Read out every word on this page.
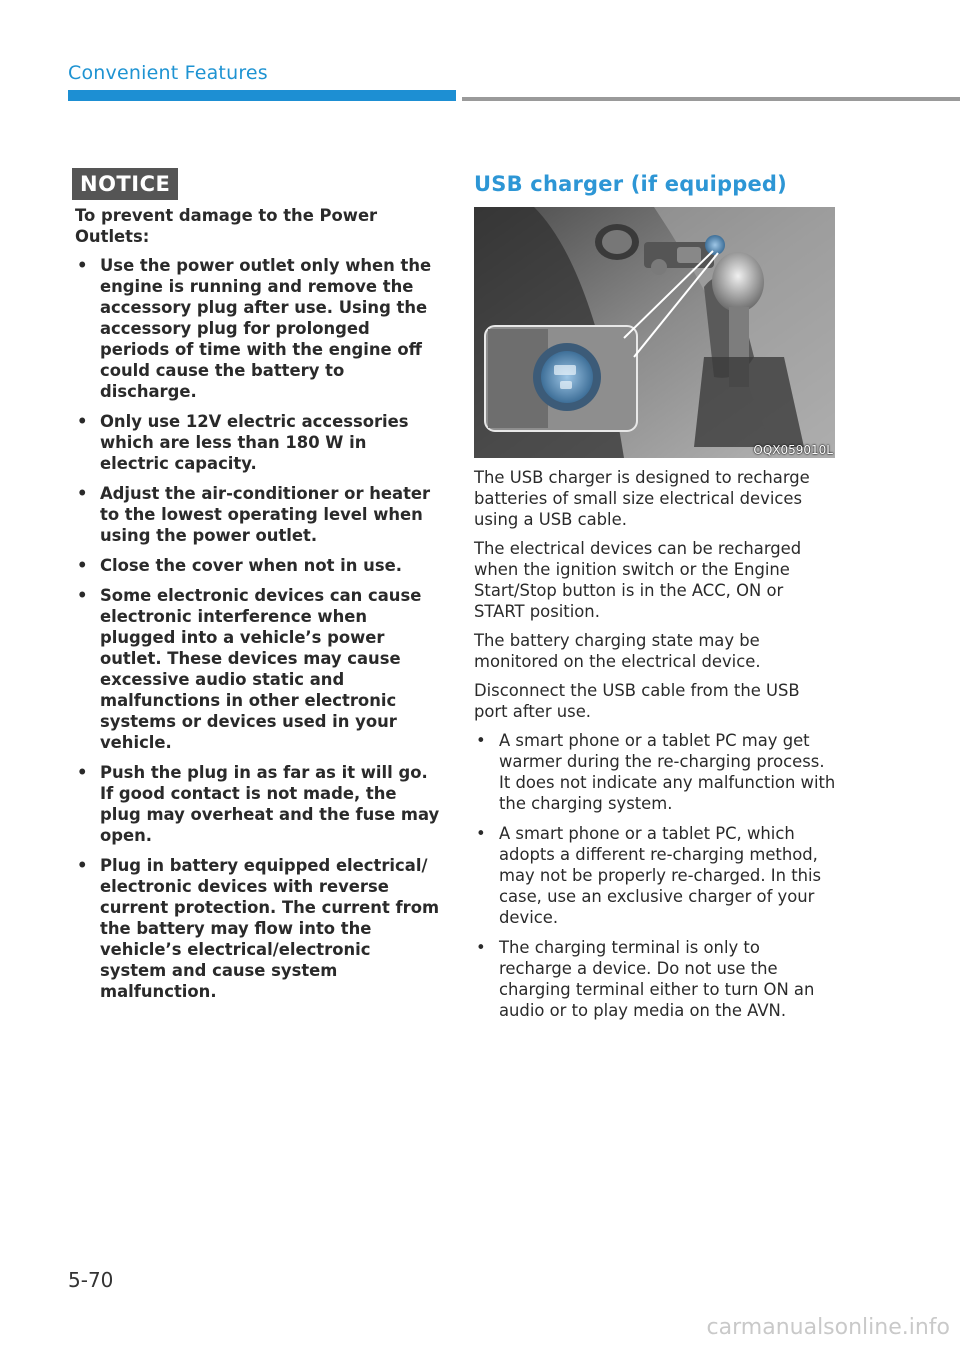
Convenient Features
NOTICE

To prevent damage to the Power Outlets:

• Use the power outlet only when the engine is running and remove the accessory plug after use. Using the accessory plug for prolonged periods of time with the engine off could cause the battery to discharge.
• Only use 12V electric accessories which are less than 180 W in electric capacity.
• Adjust the air-conditioner or heater to the lowest operating level when using the power outlet.
• Close the cover when not in use.
• Some electronic devices can cause electronic interference when plugged into a vehicle’s power outlet. These devices may cause excessive audio static and malfunctions in other electronic systems or devices used in your vehicle.
• Push the plug in as far as it will go. If good contact is not made, the plug may overheat and the fuse may open.
• Plug in battery equipped electrical/ electronic devices with reverse current protection. The current from the battery may flow into the vehicle’s electrical/electronic system and cause system malfunction.
USB charger (if equipped)
OQX059010L

The USB charger is designed to recharge batteries of small size electrical devices using a USB cable.

The electrical devices can be recharged when the ignition switch or the Engine Start/Stop button is in the ACC, ON or START position.

The battery charging state may be monitored on the electrical device.

Disconnect the USB cable from the USB port after use.

• A smart phone or a tablet PC may get warmer during the re-charging process. It does not indicate any malfunction with the charging system.
• A smart phone or a tablet PC, which adopts a different re-charging method, may not be properly re-charged. In this case, use an exclusive charger of your device.
• The charging terminal is only to recharge a device. Do not use the charging terminal either to turn ON an audio or to play media on the AVN.
5-70
carmanualsonline.info
